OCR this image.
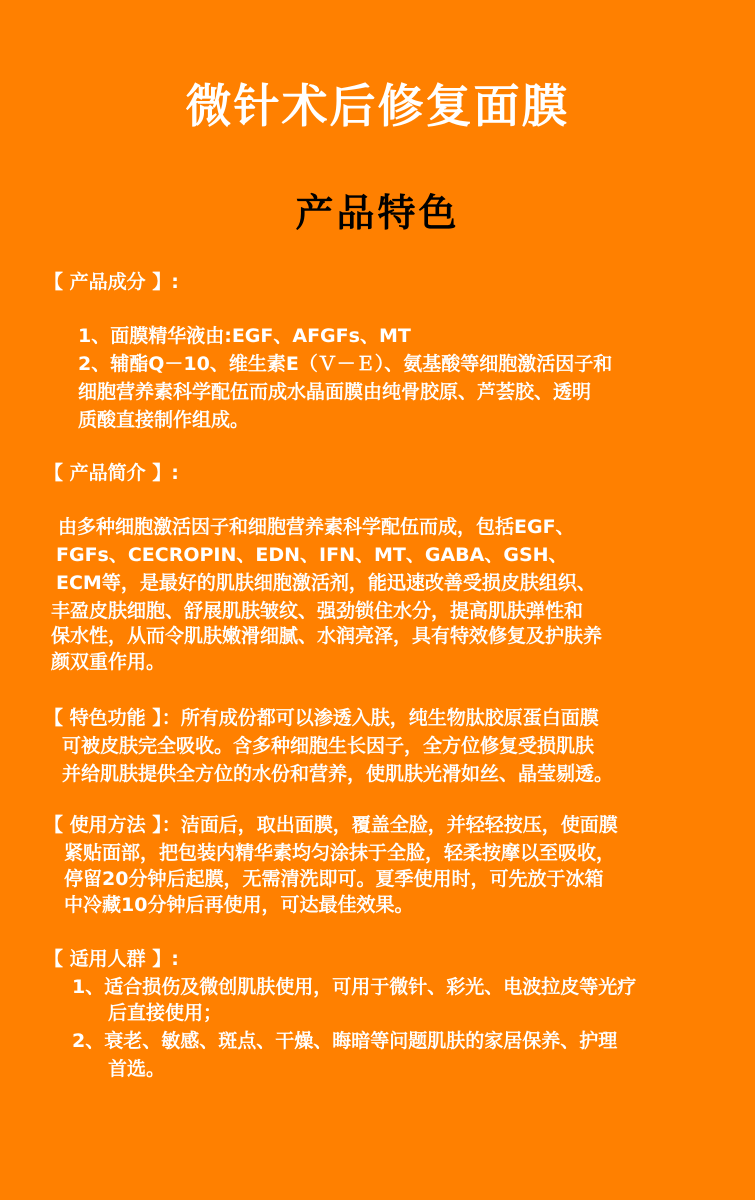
微针术后修复面膜
产品特色
【 产品成分 】:
1、面膜精华液由:EGF、AFGFs、MT
2、辅酯Q－10、维生素E（Ｖ－Ｅ）、氨基酸等细胞激活因子和
细胞营养素科学配伍而成水晶面膜由纯骨胶原、芦荟胶、透明
质酸直接制作组成。
【 产品简介 】:
由多种细胞激活因子和细胞营养素科学配伍而成，包括EGF、
FGFs、CECROPIN、EDN、IFN、MT、GABA、GSH、
ECM等，是最好的肌肤细胞激活剂，能迅速改善受损皮肤组织、
丰盈皮肤细胞、舒展肌肤皱纹、强劲锁住水分，提高肌肤弹性和
保水性，从而令肌肤嫩滑细腻、水润亮泽，具有特效修复及护肤养
颜双重作用。
【 特色功能 】：所有成份都可以渗透入肤，纯生物肽胶原蛋白面膜
可被皮肤完全吸收。含多种细胞生长因子，全方位修复受损肌肤
并给肌肤提供全方位的水份和营养，使肌肤光滑如丝、晶莹剔透。
【 使用方法 】：洁面后，取出面膜，覆盖全脸，并轻轻按压，使面膜
紧贴面部，把包装内精华素均匀涂抹于全脸，轻柔按摩以至吸收，
停留20分钟后起膜，无需清洗即可。夏季使用时，可先放于冰箱
中冷藏10分钟后再使用，可达最佳效果。
【 适用人群 】:
1、适合损伤及微创肌肤使用，可用于微针、彩光、电波拉皮等光疗
后直接使用；
2、衰老、敏感、斑点、干燥、晦暗等问题肌肤的家居保养、护理
首选。
